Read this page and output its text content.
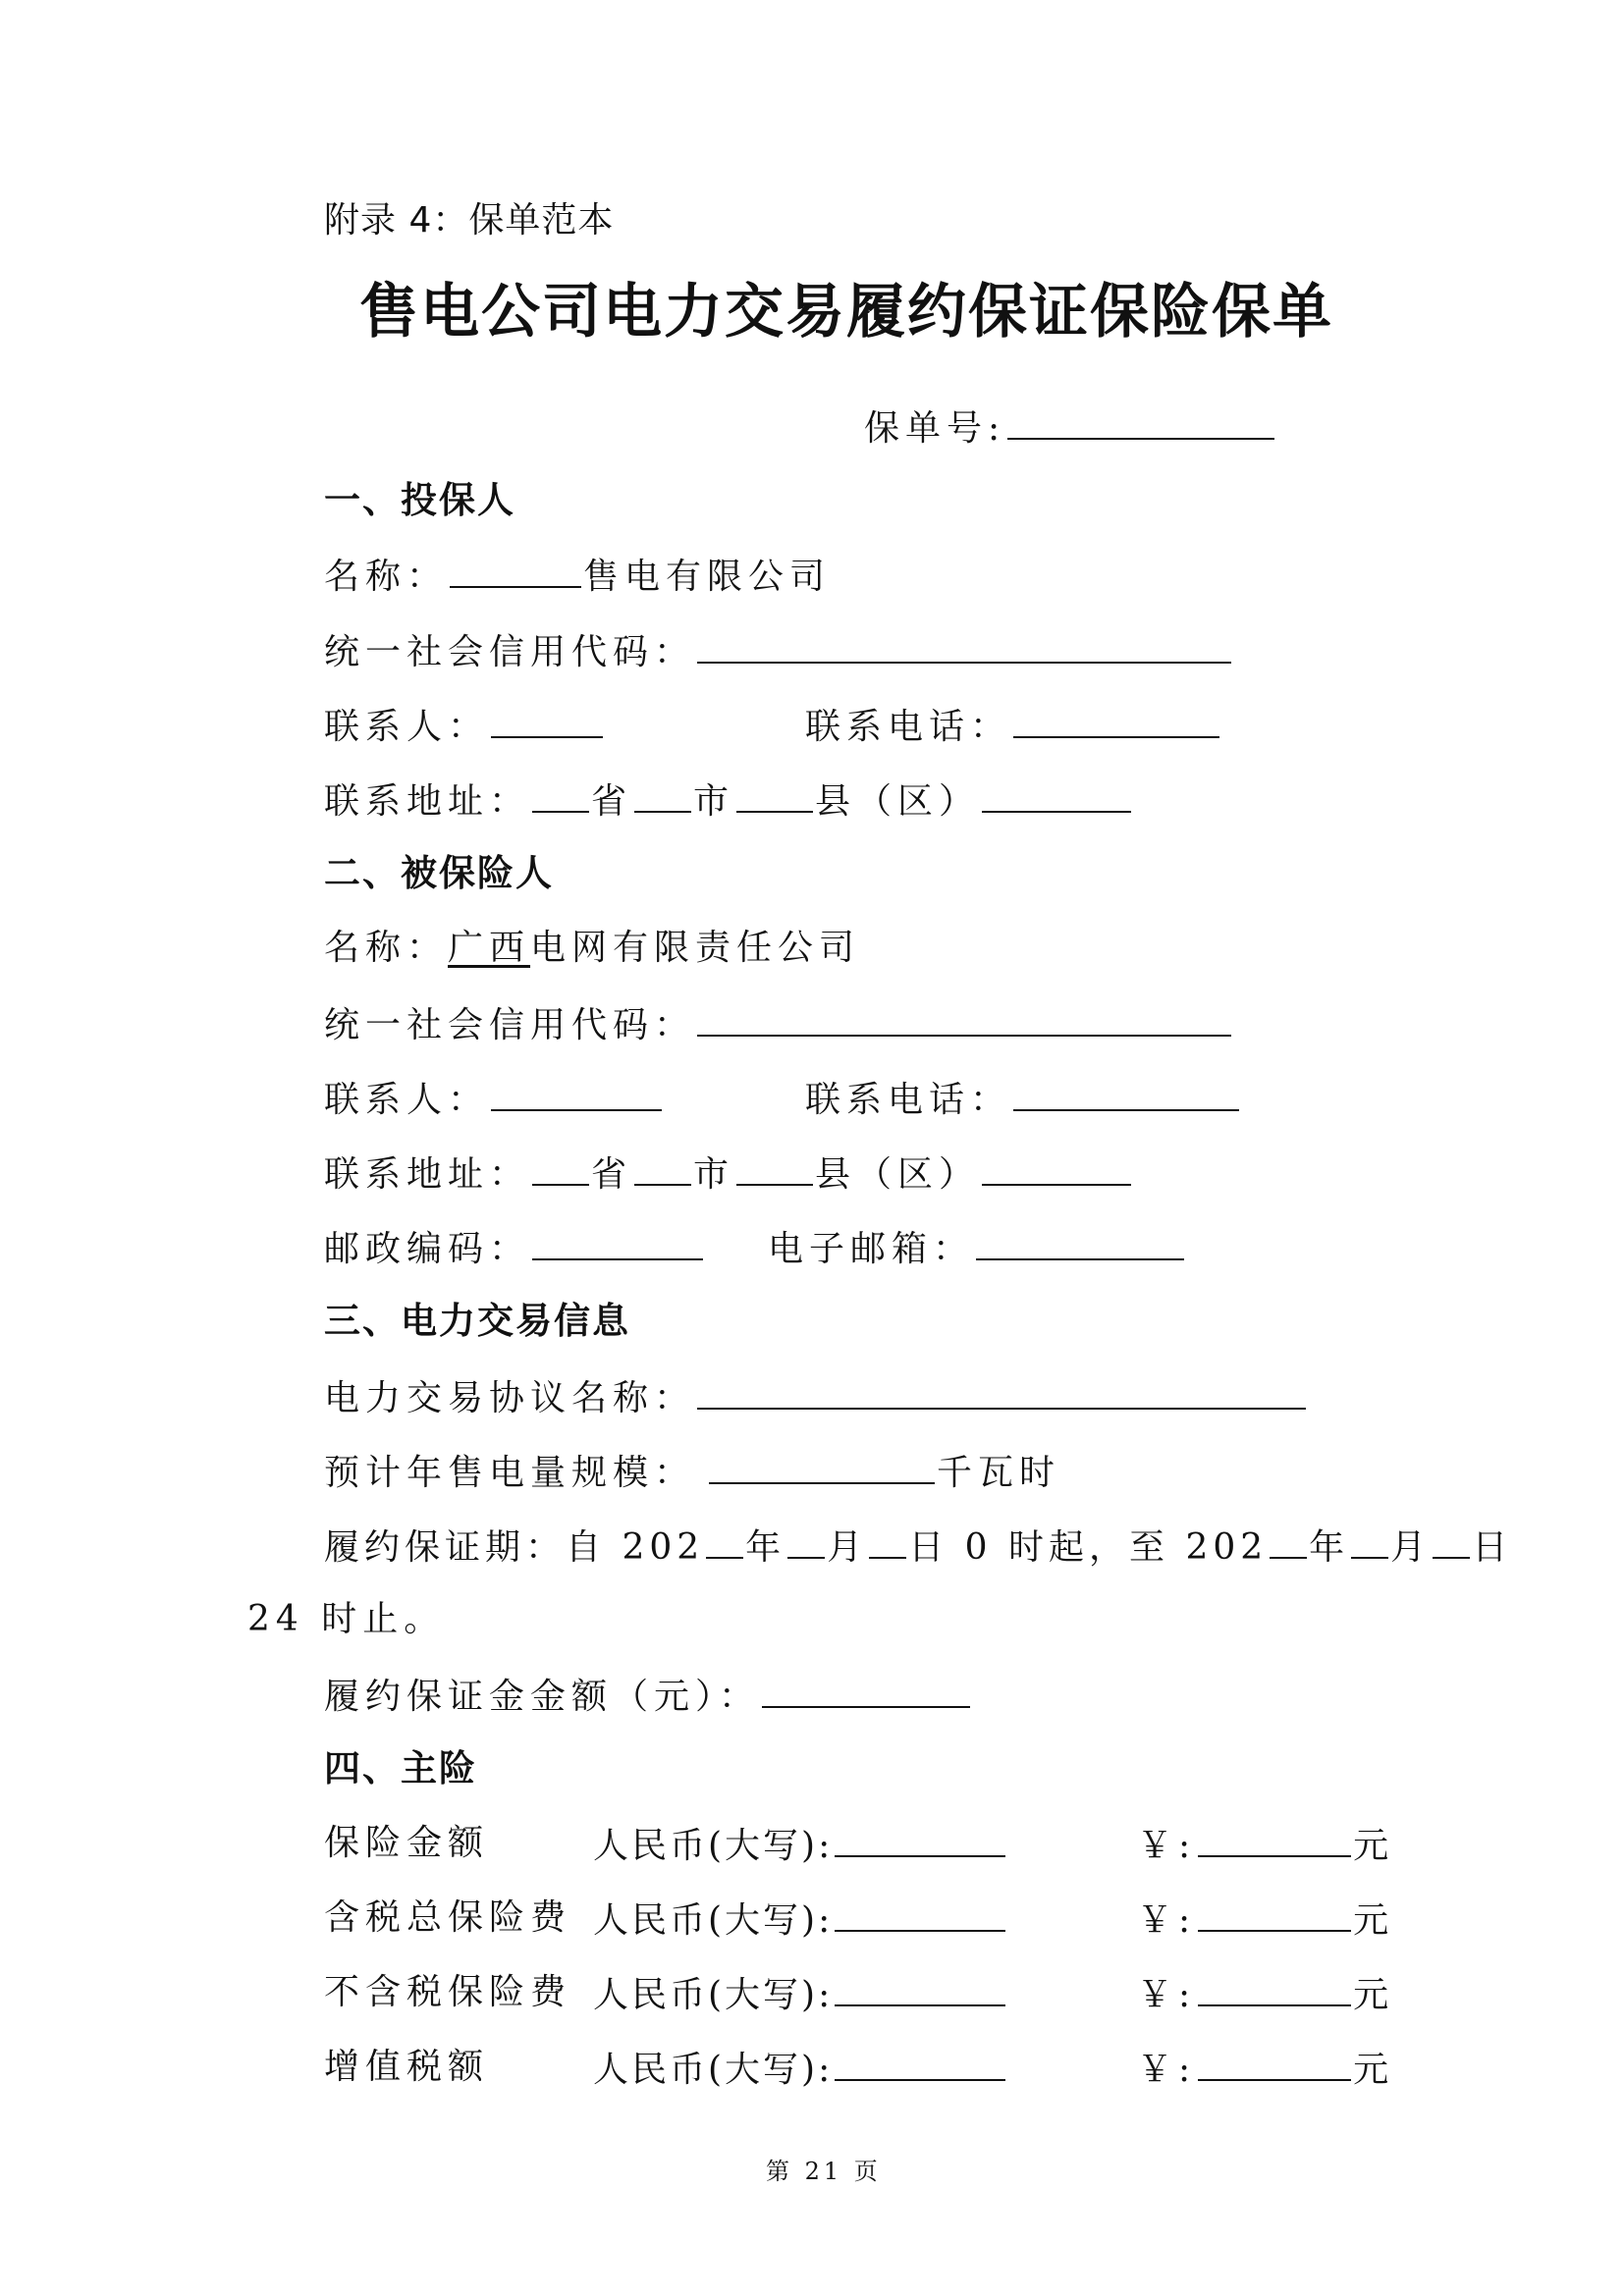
附录 4：保单范本
售电公司电力交易履约保证保险保单
保单号:
一、投保人
名称：	售电有限公司
统一社会信用代码：
联系人：	联系电话：
联系地址： 省 市 县（区）
二、被保险人
名称：广西电网有限责任公司
统一社会信用代码：
联系人：	联系电话：
联系地址： 省 市 县（区）
邮政编码：	电子邮箱：
三、电力交易信息
电力交易协议名称：
预计年售电量规模：	千瓦时
履约保证期：自 202 年 月 日 0 时起，至 202 年 月 日
24 时止。
履约保证金金额（元）：
四、主险
保险金额	人民币(大写):	￥:	元
含税总保险费 人民币(大写):	￥:	元
不含税保险费 人民币(大写):	￥:	元
增值税额	人民币(大写):	￥:	元
第 21 页
